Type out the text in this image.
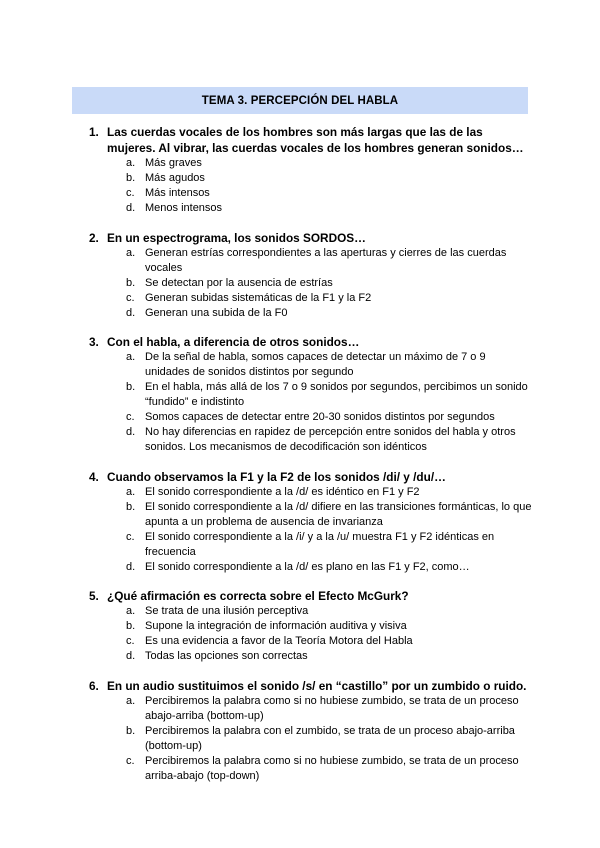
TEMA 3. PERCEPCIÓN DEL HABLA
1. Las cuerdas vocales de los hombres son más largas que las de las mujeres. Al vibrar, las cuerdas vocales de los hombres generan sonidos…
a. Más graves
b. Más agudos
c. Más intensos
d. Menos intensos
2. En un espectrograma, los sonidos SORDOS…
a. Generan estrías correspondientes a las aperturas y cierres de las cuerdas vocales
b. Se detectan por la ausencia de estrías
c. Generan subidas sistemáticas de la F1 y la F2
d. Generan una subida de la F0
3. Con el habla, a diferencia de otros sonidos…
a. De la señal de habla, somos capaces de detectar un máximo de 7 o 9 unidades de sonidos distintos por segundo
b. En el habla, más allá de los 7 o 9 sonidos por segundos, percibimos un sonido “fundido” e indistinto
c. Somos capaces de detectar entre 20-30 sonidos distintos por segundos
d. No hay diferencias en rapidez de percepción entre sonidos del habla y otros sonidos. Los mecanismos de decodificación son idénticos
4. Cuando observamos la F1 y la F2 de los sonidos /di/ y /du/…
a. El sonido correspondiente a la /d/ es idéntico en F1 y F2
b. El sonido correspondiente a la /d/ difiere en las transiciones formánticas, lo que apunta a un problema de ausencia de invarianza
c. El sonido correspondiente a la /i/ y a la /u/ muestra F1 y F2 idénticas en frecuencia
d. El sonido correspondiente a la /d/ es plano en las F1 y F2, como…
5. ¿Qué afirmación es correcta sobre el Efecto McGurk?
a. Se trata de una ilusión perceptiva
b. Supone la integración de información auditiva y visiva
c. Es una evidencia a favor de la Teoría Motora del Habla
d. Todas las opciones son correctas
6. En un audio sustituimos el sonido /s/ en “castillo” por un zumbido o ruido.
a. Percibiremos la palabra como si no hubiese zumbido, se trata de un proceso abajo-arriba (bottom-up)
b. Percibiremos la palabra con el zumbido, se trata de un proceso abajo-arriba (bottom-up)
c. Percibiremos la palabra como si no hubiese zumbido, se trata de un proceso arriba-abajo (top-down)
